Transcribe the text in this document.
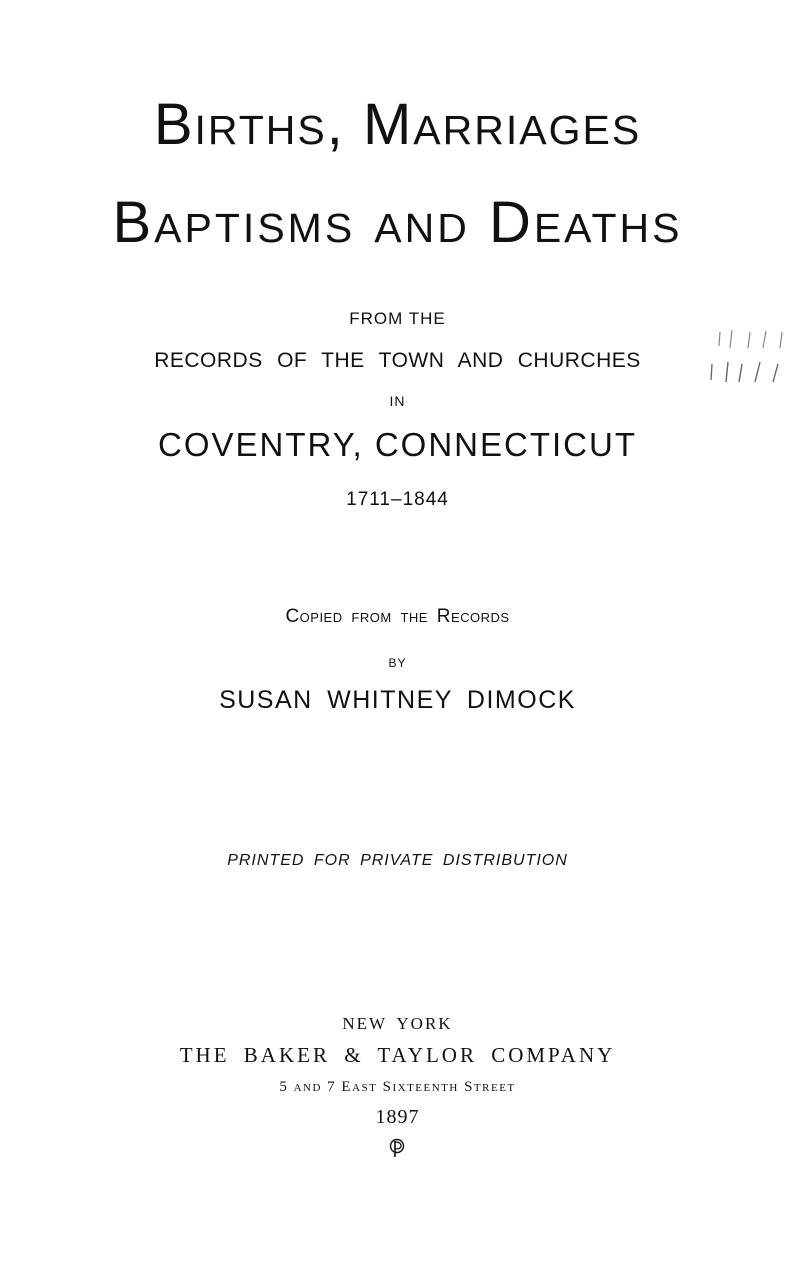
Births, Marriages
Baptisms and Deaths
FROM THE
RECORDS OF THE TOWN AND CHURCHES
IN
COVENTRY, CONNECTICUT
1711–1844
Copied from the Records
BY
SUSAN WHITNEY DIMOCK
PRINTED FOR PRIVATE DISTRIBUTION
NEW YORK
THE BAKER & TAYLOR COMPANY
5 and 7 East Sixteenth Street
1897
